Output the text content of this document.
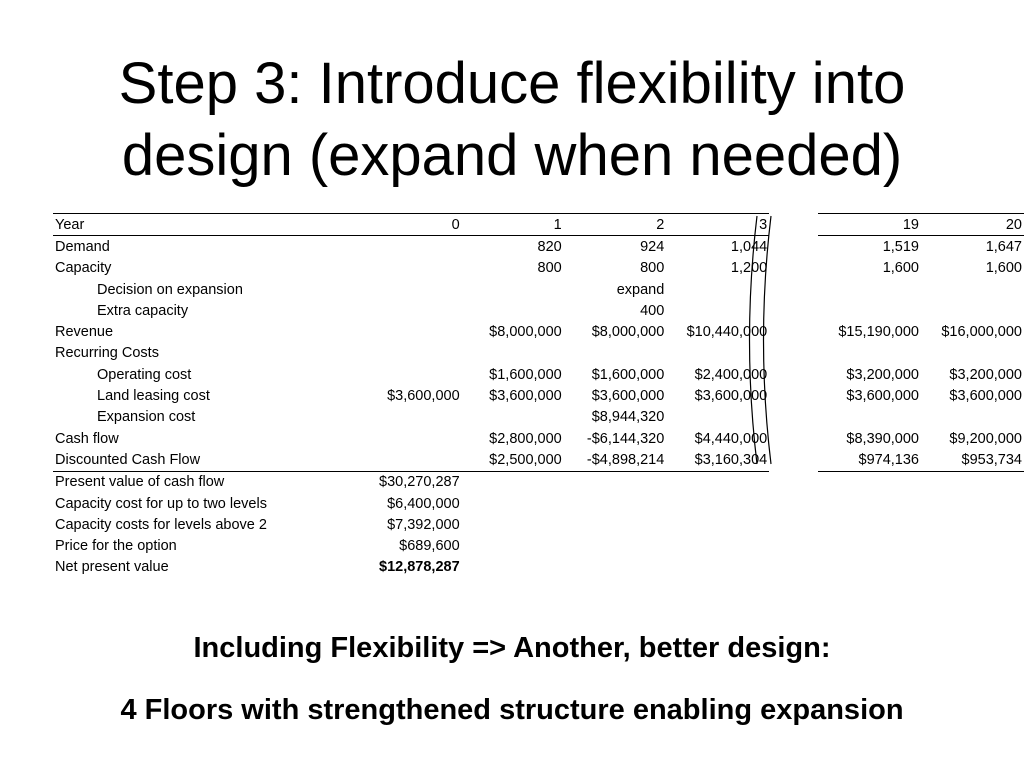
Step 3: Introduce flexibility into
design (expand when needed)
Year	0	1	2	3		19	20
Demand		820	924	1,044		1,519	1,647
Capacity		800	800	1,200		1,600	1,600
Decision on expansion			expand				
Extra capacity			400				
Revenue		$8,000,000	$8,000,000	$10,440,000		$15,190,000	$16,000,000
Recurring Costs							
Operating cost		$1,600,000	$1,600,000	$2,400,000		$3,200,000	$3,200,000
Land leasing cost	$3,600,000	$3,600,000	$3,600,000	$3,600,000		$3,600,000	$3,600,000
Expansion cost			$8,944,320				
Cash flow		$2,800,000	-$6,144,320	$4,440,000		$8,390,000	$9,200,000
Discounted Cash Flow		$2,500,000	-$4,898,214	$3,160,304		$974,136	$953,734
Present value of cash flow	$30,270,287						
Capacity cost for up to two levels	$6,400,000						
Capacity costs for levels above 2	$7,392,000						
Price for the option	$689,600						
Net present value	$12,878,287						

Including Flexibility => Another, better design:

4 Floors with strengthened structure enabling expansion
